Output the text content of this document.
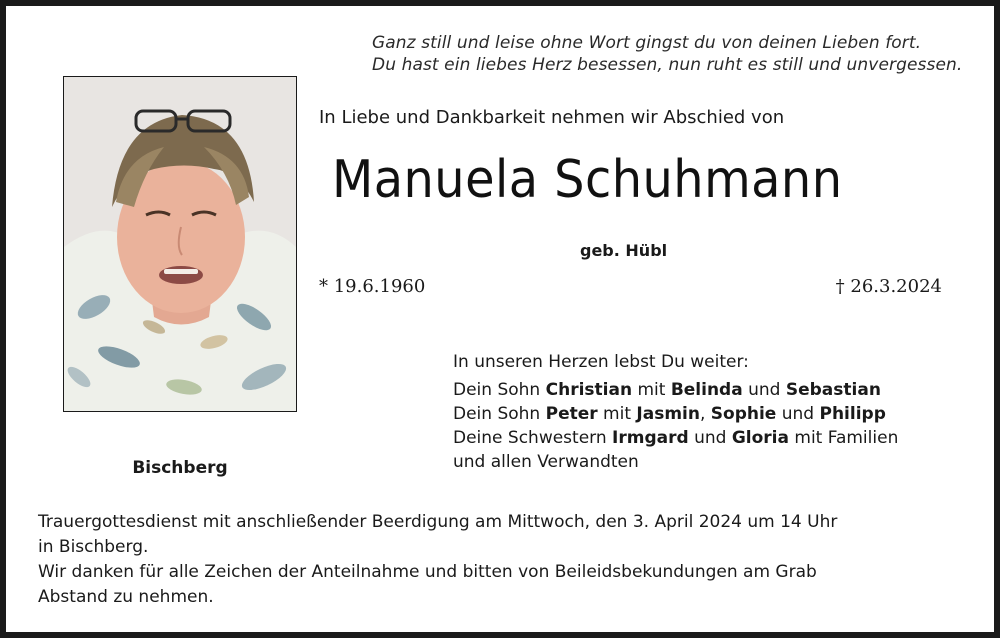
Ganz still und leise ohne Wort gingst du von deinen Lieben fort.
Du hast ein liebes Herz besessen, nun ruht es still und unvergessen.
Bischberg
In Liebe und Dankbarkeit nehmen wir Abschied von
Manuela Schuhmann
geb. Hübl
* 19.6.1960	† 26.3.2024
In unseren Herzen lebst Du weiter:
Dein Sohn Christian mit Belinda und Sebastian
Dein Sohn Peter mit Jasmin, Sophie und Philipp
Deine Schwestern Irmgard und Gloria mit Familien
und allen Verwandten
Trauergottesdienst mit anschließender Beerdigung am Mittwoch, den 3. April 2024 um 14 Uhr
in Bischberg.
Wir danken für alle Zeichen der Anteilnahme und bitten von Beileidsbekundungen am Grab
Abstand zu nehmen.
